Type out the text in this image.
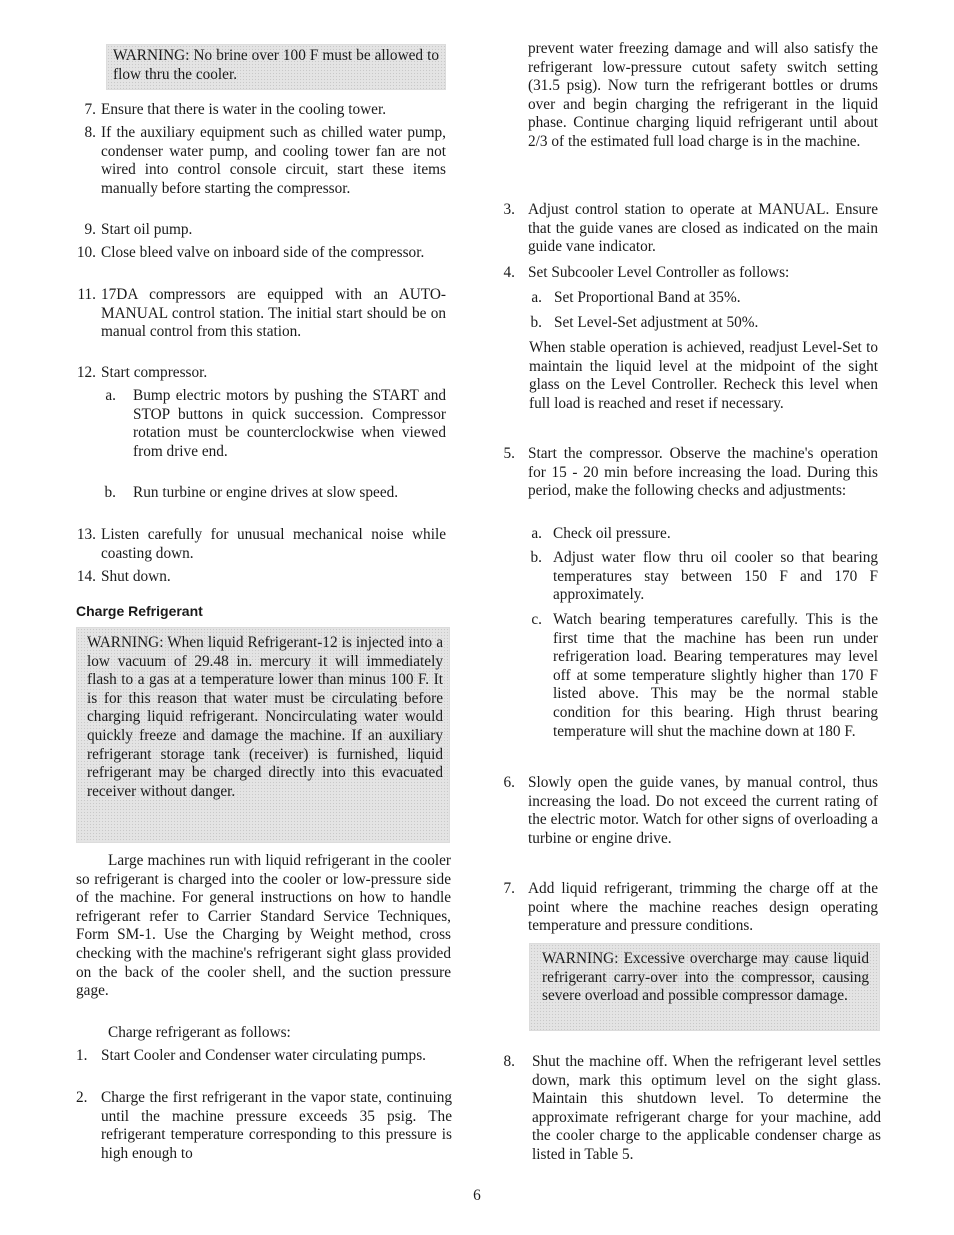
WARNING: No brine over 100 F must be allowed to flow thru the cooler.

7. Ensure that there is water in the cooling tower.

8. If the auxiliary equipment such as chilled water pump, condenser water pump, and cooling tower fan are not wired into control console circuit, start these items manually before starting the compressor.

9. Start oil pump.

10. Close bleed valve on inboard side of the compressor.

11. 17DA compressors are equipped with an AUTO-MANUAL control station. The initial start should be on manual control from this station.

12. Start compressor.

a. Bump electric motors by pushing the START and STOP buttons in quick succession. Compressor rotation must be counterclockwise when viewed from drive end.

b. Run turbine or engine drives at slow speed.

13. Listen carefully for unusual mechanical noise while coasting down.

14. Shut down.

Charge Refrigerant

WARNING: When liquid Refrigerant-12 is injected into a low vacuum of 29.48 in. mercury it will immediately flash to a gas at a temperature lower than minus 100 F. It is for this reason that water must be circulating before charging liquid refrigerant. Noncirculating water would quickly freeze and damage the machine. If an auxiliary refrigerant storage tank (receiver) is furnished, liquid refrigerant may be charged directly into this evacuated receiver without danger.

Large machines run with liquid refrigerant in the cooler so refrigerant is charged into the cooler or low-pressure side of the machine. For general instructions on how to handle refrigerant refer to Carrier Standard Service Techniques, Form SM-1. Use the Charging by Weight method, cross checking with the machine's refrigerant sight glass provided on the back of the cooler shell, and the suction pressure gage.

Charge refrigerant as follows:

1. Start Cooler and Condenser water circulating pumps.

2. Charge the first refrigerant in the vapor state, continuing until the machine pressure exceeds 35 psig. The refrigerant temperature corresponding to this pressure is high enough to

prevent water freezing damage and will also satisfy the refrigerant low-pressure cutout safety switch setting (31.5 psig). Now turn the refrigerant bottles or drums over and begin charging the refrigerant in the liquid phase. Continue charging liquid refrigerant until about 2/3 of the estimated full load charge is in the machine.

3. Adjust control station to operate at MANUAL. Ensure that the guide vanes are closed as indicated on the main guide vane indicator.

4. Set Subcooler Level Controller as follows:

a. Set Proportional Band at 35%.

b. Set Level-Set adjustment at 50%.

When stable operation is achieved, readjust Level-Set to maintain the liquid level at the midpoint of the sight glass on the Level Controller. Recheck this level when full load is reached and reset if necessary.

5. Start the compressor. Observe the machine's operation for 15 - 20 min before increasing the load. During this period, make the following checks and adjustments:

a. Check oil pressure.

b. Adjust water flow thru oil cooler so that bearing temperatures stay between 150 F and 170 F approximately.

c. Watch bearing temperatures carefully. This is the first time that the machine has been run under refrigeration load. Bearing temperatures may level off at some temperature slightly higher than 170 F listed above. This may be the normal stable condition for this bearing. High thrust bearing temperature will shut the machine down at 180 F.

6. Slowly open the guide vanes, by manual control, thus increasing the load. Do not exceed the current rating of the electric motor. Watch for other signs of overloading a turbine or engine drive.

7. Add liquid refrigerant, trimming the charge off at the point where the machine reaches design operating temperature and pressure conditions.

WARNING: Excessive overcharge may cause liquid refrigerant carry-over into the compressor, causing severe overload and possible compressor damage.

8. Shut the machine off. When the refrigerant level settles down, mark this optimum level on the sight glass. Maintain this shutdown level. To determine the approximate refrigerant charge for your machine, add the cooler charge to the applicable condenser charge as listed in Table 5.

6
